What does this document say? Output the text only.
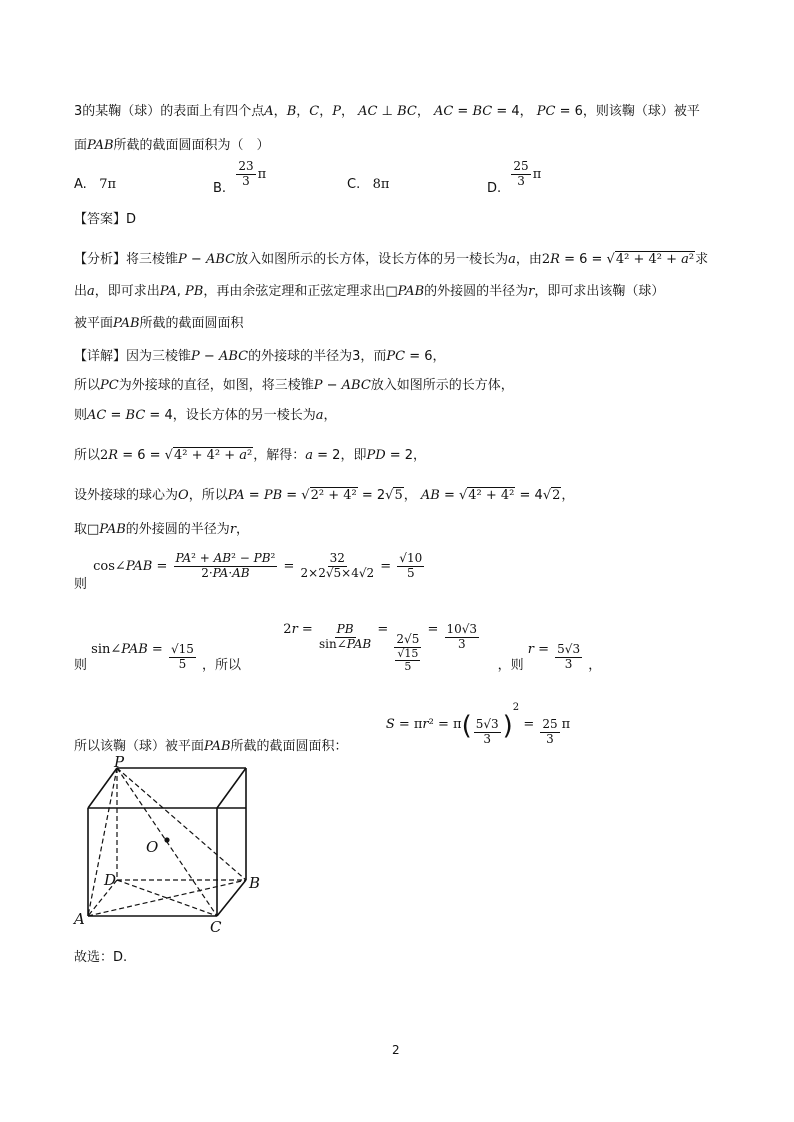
3的某鞠（球）的表面上有四个点A，B，C，P， AC ⊥ BC， AC = BC = 4， PC = 6，则该鞠（球）被平
面PAB所截的截面圆面积为（　）
A. 7π	B. $\frac{23}{3}$ π
C. 8π	D. $\frac{25}{3}$ π
【答案】D
【分析】将三棱锥P − ABC放入如图所示的长方体，设长方体的另一棱长为a，由2R = 6 = √4² + 4² + a²求
出a，即可求出PA, PB，再由余弦定理和正弦定理求出□PAB的外接圆的半径为r，即可求出该鞠（球）
被平面PAB所截的截面圆面积
【详解】因为三棱锥P − ABC的外接球的半径为3，而PC = 6，
所以PC为外接球的直径，如图，将三棱锥P − ABC放入如图所示的长方体，
则AC = BC = 4，设长方体的另一棱长为a，
所以2R = 6 = √4² + 4² + a²，解得：a = 2，即PD = 2，
设外接球的球心为O，所以PA = PB = √2² + 4² = 2√5， AB = √4² + 4² = 4√2，
取□PAB的外接圆的半径为r，
则 cos∠PAB = $\frac{\text{PA² + AB² − PB²}}{2\cdot PA\cdot AB} = \frac{32}{2\times 2√5\times 4√2} = \frac{√10}{5}$
则 sin∠PAB = $\frac{√15}{5}$ ，所以  $2r = \frac{PB}{\text{sin∠PAB}}$ =
$\frac{2√5}{\frac{√15}{5}}$
= $\frac{10√3}{3}$
，则 $r = \frac{5√3}{3}$ ，
所以该鞠（球）被平面PAB所截的截面圆面积：  $S = \pi r^2 = \pi( \frac{5√3}{3} )^2 = \frac{25}{3}$ π
P
O
D	B
A	C
故选：D.
2
